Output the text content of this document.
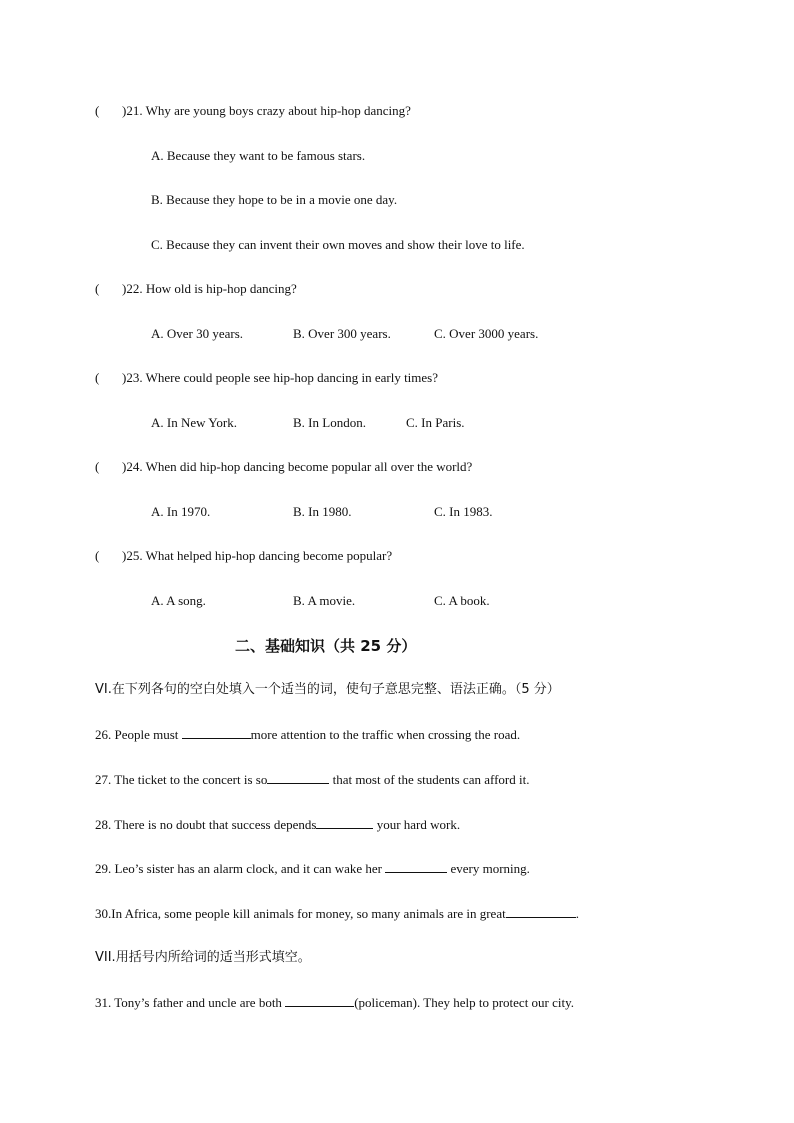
( )21. Why are young boys crazy about hip-hop dancing?
A. Because they want to be famous stars.
B. Because they hope to be in a movie one day.
C. Because they can invent their own moves and show their love to life.
( )22. How old is hip-hop dancing?
A. Over 30 years.	B. Over 300 years.	C. Over 3000 years.
( )23. Where could people see hip-hop dancing in early times?
A. In New York.	B. In London.	C. In Paris.
( )24. When did hip-hop dancing become popular all over the world?
A. In 1970.	B. In 1980.	C. In 1983.
( )25. What helped hip-hop dancing become popular?
A. A song.	B. A movie.	C. A book.
二、基础知识（共 25 分）
VI.在下列各句的空白处填入一个适当的词，使句子意思完整、语法正确。（5 分）
26. People must	more attention to the traffic when crossing the road.
27. The ticket to the concert is so	that most of the students can afford it.
28. There is no doubt that success depends	your hard work.
29. Leo’s sister has an alarm clock, and it can wake her	every morning.
30.In Africa, some people kill animals for money, so many animals are in great	.
VII.用括号内所给词的适当形式填空。
31. Tony’s father and uncle are both	(policeman). They help to protect our city.
